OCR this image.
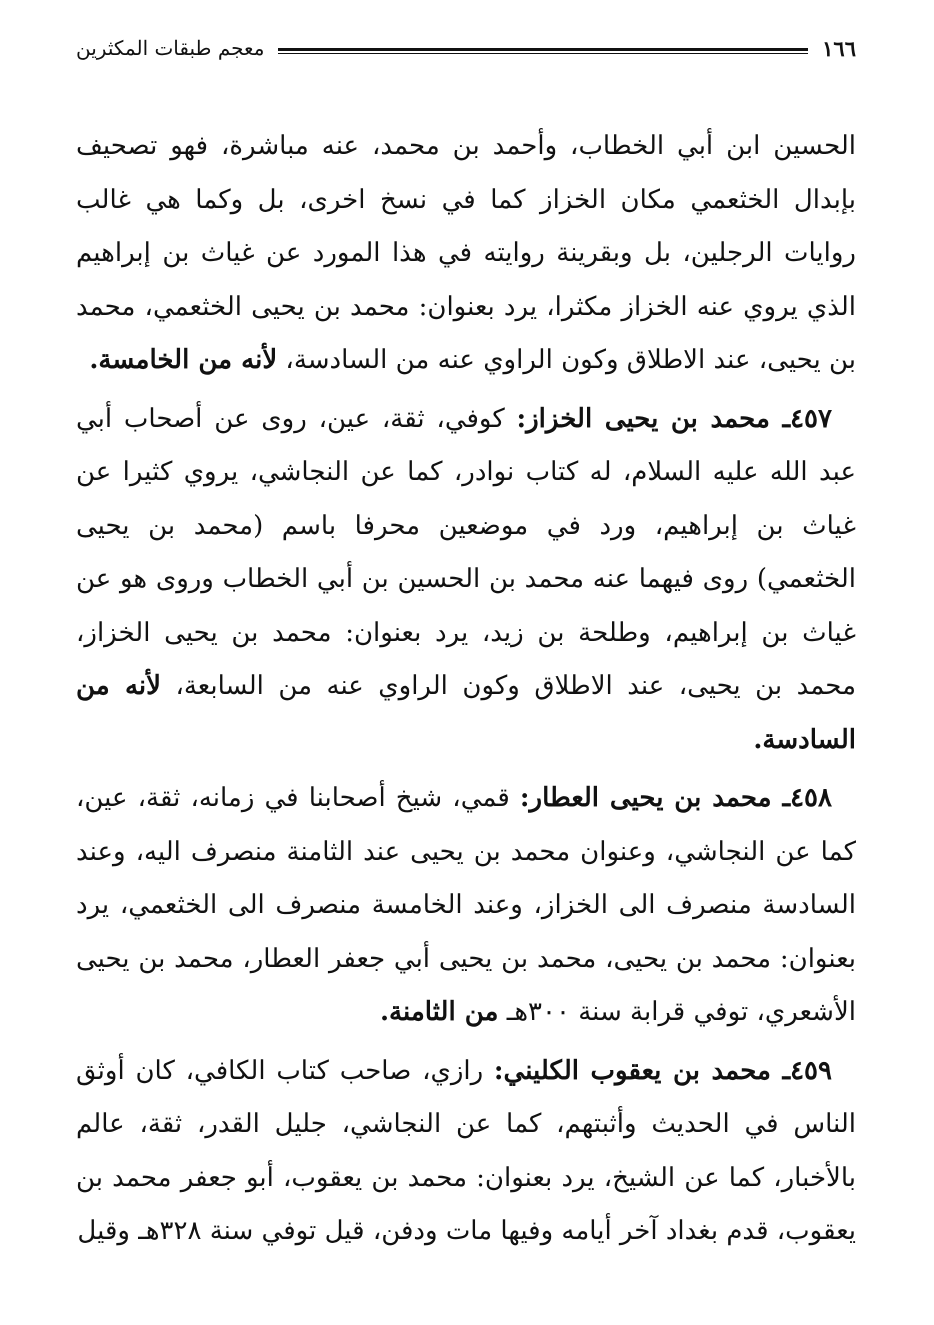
١٦٦
معجم طبقات المكثرين

الحسين ابن أبي الخطاب، وأحمد بن محمد، عنه مباشرة، فهو تصحيف بإبدال الخثعمي مكان الخزاز كما في نسخ اخرى، بل وكما هي غالب روايات الرجلين، بل وبقرينة روايته في هذا المورد عن غياث بن إبراهيم الذي يروي عنه الخزاز مكثرا، يرد بعنوان: محمد بن يحيى الخثعمي، محمد بن يحيى، عند الاطلاق وكون الراوي عنه من السادسة، لأنه من الخامسة.

٤٥٧ـ محمد بن يحيى الخزاز: كوفي، ثقة، عين، روى عن أصحاب أبي عبد الله عليه السلام، له كتاب نوادر، كما عن النجاشي، يروي كثيرا عن غياث بن إبراهيم، ورد في موضعين محرفا باسم (محمد بن يحيى الخثعمي) روى فيهما عنه محمد بن الحسين بن أبي الخطاب وروى هو عن غياث بن إبراهيم، وطلحة بن زيد، يرد بعنوان: محمد بن يحيى الخزاز، محمد بن يحيى، عند الاطلاق وكون الراوي عنه من السابعة، لأنه من السادسة.

٤٥٨ـ محمد بن يحيى العطار: قمي، شيخ أصحابنا في زمانه، ثقة، عين، كما عن النجاشي، وعنوان محمد بن يحيى عند الثامنة منصرف اليه، وعند السادسة منصرف الى الخزاز، وعند الخامسة منصرف الى الخثعمي، يرد بعنوان: محمد بن يحيى، محمد بن يحيى أبي جعفر العطار، محمد بن يحيى الأشعري، توفي قرابة سنة ٣٠٠هـ من الثامنة.

٤٥٩ـ محمد بن يعقوب الكليني: رازي، صاحب كتاب الكافي، كان أوثق الناس في الحديث وأثبتهم، كما عن النجاشي، جليل القدر، ثقة، عالم بالأخبار، كما عن الشيخ، يرد بعنوان: محمد بن يعقوب، أبو جعفر محمد بن يعقوب، قدم بغداد آخر أيامه وفيها مات ودفن، قيل توفي سنة ٣٢٨هـ وقيل
